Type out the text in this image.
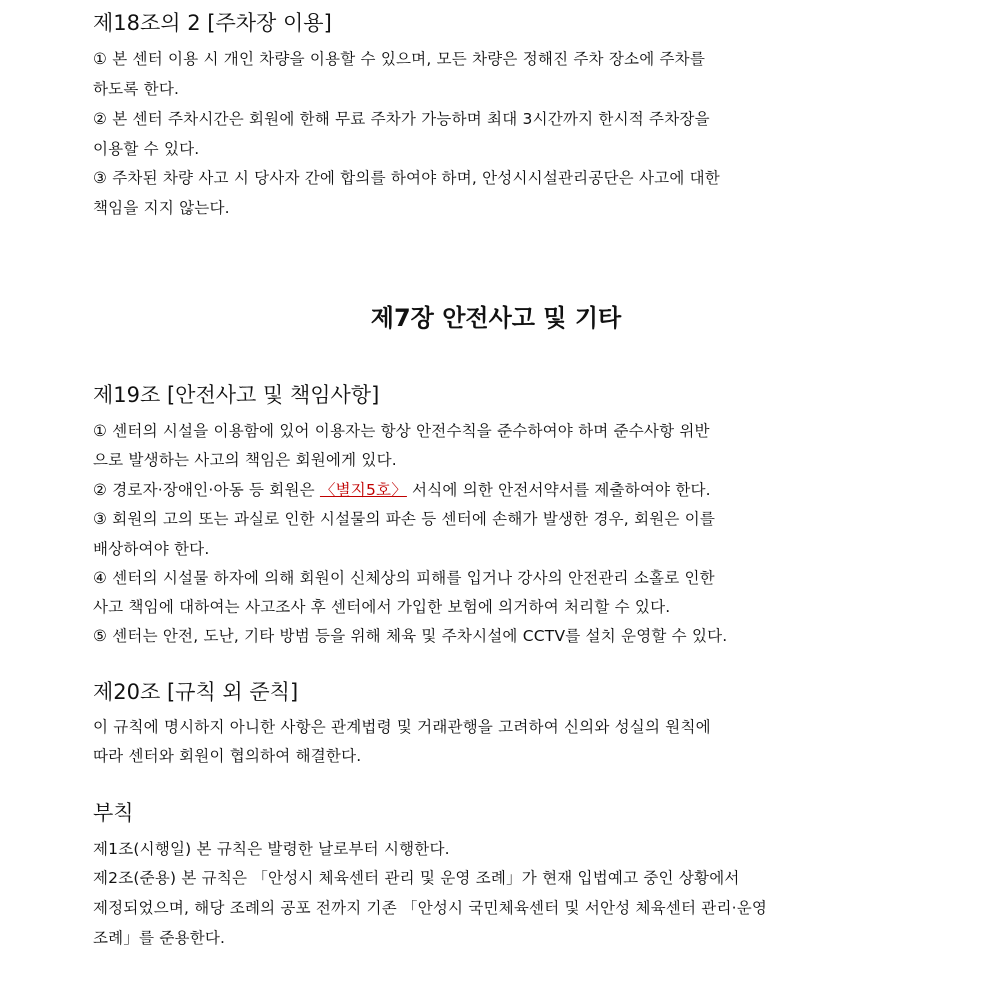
제18조의 2 [주차장 이용]
① 본 센터 이용 시 개인 차량을 이용할 수 있으며, 모든 차량은 정해진 주차 장소에 주차를
하도록 한다.
② 본 센터 주차시간은 회원에 한해 무료 주차가 가능하며 최대 3시간까지 한시적 주차장을
이용할 수 있다.
③ 주차된 차량 사고 시 당사자 간에 합의를 하여야 하며, 안성시시설관리공단은 사고에 대한
책임을 지지 않는다.
제7장 안전사고 및 기타
제19조 [안전사고 및 책임사항]
① 센터의 시설을 이용함에 있어 이용자는 항상 안전수칙을 준수하여야 하며 준수사항 위반
으로 발생하는 사고의 책임은 회원에게 있다.
② 경로자·장애인·아동 등 회원은 〈별지5호〉 서식에 의한 안전서약서를 제출하여야 한다.
③ 회원의 고의 또는 과실로 인한 시설물의 파손 등 센터에 손해가 발생한 경우, 회원은 이를
배상하여야 한다.
④ 센터의 시설물 하자에 의해 회원이 신체상의 피해를 입거나 강사의 안전관리 소홀로 인한
사고 책임에 대하여는 사고조사 후 센터에서 가입한 보험에 의거하여 처리할 수 있다.
⑤ 센터는 안전, 도난, 기타 방범 등을 위해 체육 및 주차시설에 CCTV를 설치 운영할 수 있다.
제20조 [규칙 외 준칙]
이 규칙에 명시하지 아니한 사항은 관계법령 및 거래관행을 고려하여 신의와 성실의 원칙에
따라 센터와 회원이 협의하여 해결한다.
부칙
제1조(시행일) 본 규칙은 발령한 날로부터 시행한다.
제2조(준용) 본 규칙은 「안성시 체육센터 관리 및 운영 조례」가 현재 입법예고 중인 상황에서
제정되었으며, 해당 조례의 공포 전까지 기존 「안성시 국민체육센터 및 서안성 체육센터 관리·운영
조례」를 준용한다.
